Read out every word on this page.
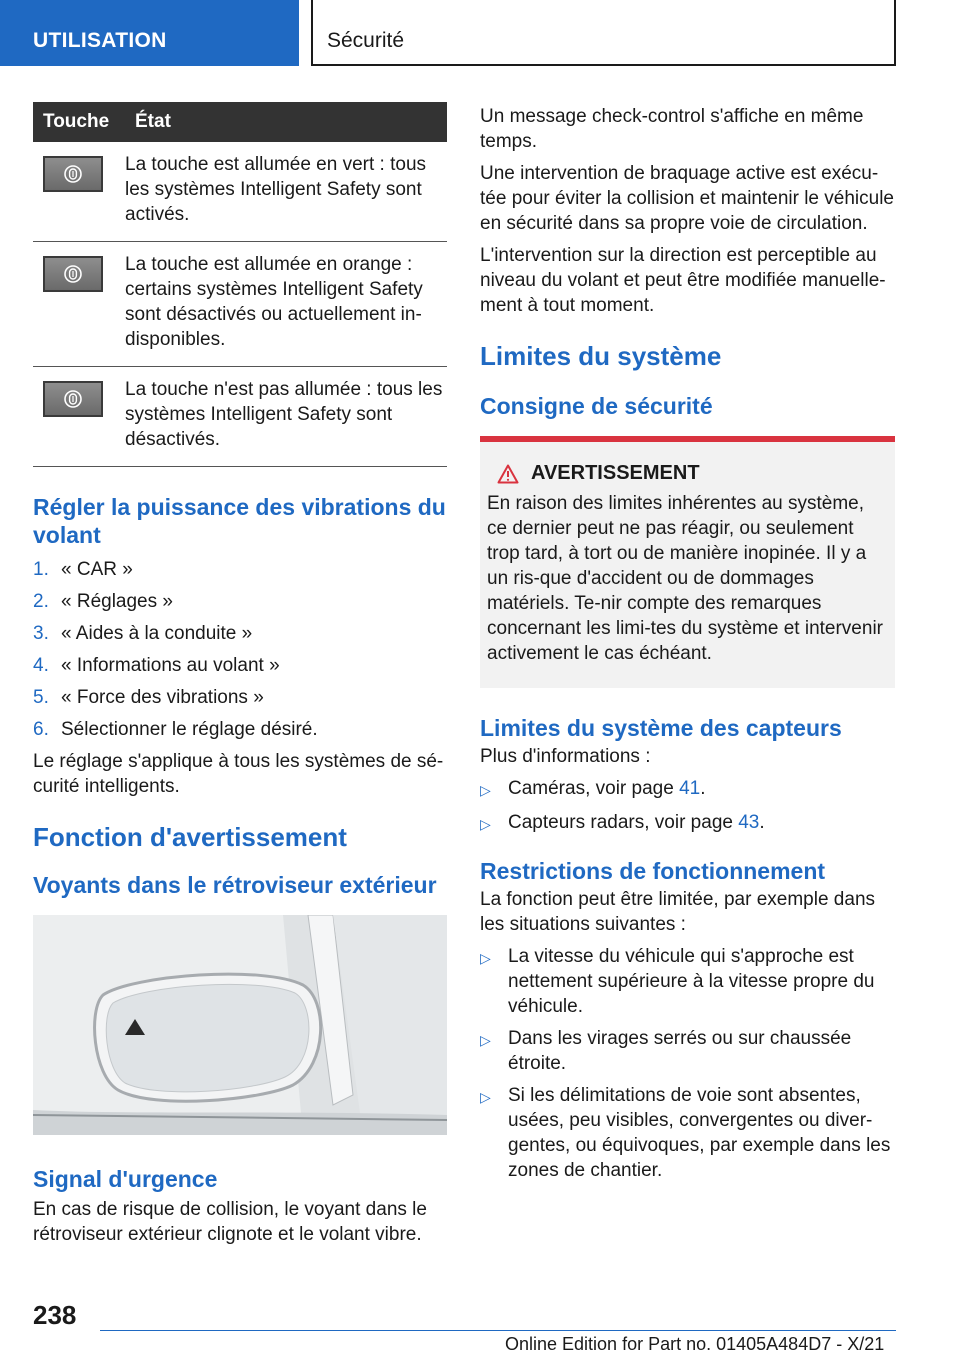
UTILISATION	Sécurité
Touche	État

	La touche est allumée en vert : tous les systèmes Intelligent Safety sont activés.

	La touche est allumée en orange : certains systèmes Intelligent Safety sont désactivés ou actuellement in-disponibles.

	La touche n'est pas allumée : tous les systèmes Intelligent Safety sont désactivés.
Régler la puissance des vibrations du volant
1. « CAR »
2. « Réglages »
3. « Aides à la conduite »
4. « Informations au volant »
5. « Force des vibrations »
6. Sélectionner le réglage désiré.

Le réglage s'applique à tous les systèmes de sé-curité intelligents.

Fonction d'avertissement
Voyants dans le rétroviseur extérieur
Signal d'urgence

En cas de risque de collision, le voyant dans le rétroviseur extérieur clignote et le volant vibre.

Un message check-control s'affiche en même temps.

Une intervention de braquage active est exécu-tée pour éviter la collision et maintenir le véhicule en sécurité dans sa propre voie de circulation.

L'intervention sur la direction est perceptible au niveau du volant et peut être modifiée manuelle-ment à tout moment.

Limites du système
Consigne de sécurité
AVERTISSEMENT

En raison des limites inhérentes au système, ce dernier peut ne pas réagir, ou seulement trop tard, à tort ou de manière inopinée. Il y a un ris-que d'accident ou de dommages matériels. Te-nir compte des remarques concernant les limi-tes du système et intervenir activement le cas échéant.

Limites du système des capteurs

Plus d'informations :

▷ Caméras, voir page 41.
▷ Capteurs radars, voir page 43.
Restrictions de fonctionnement

La fonction peut être limitée, par exemple dans les situations suivantes :

▷ La vitesse du véhicule qui s'approche est nettement supérieure à la vitesse propre du véhicule.
▷ Dans les virages serrés ou sur chaussée étroite.
▷ Si les délimitations de voie sont absentes, usées, peu visibles, convergentes ou diver-gentes, ou équivoques, par exemple dans les zones de chantier.
238
Online Edition for Part no. 01405A484D7 - X/21
